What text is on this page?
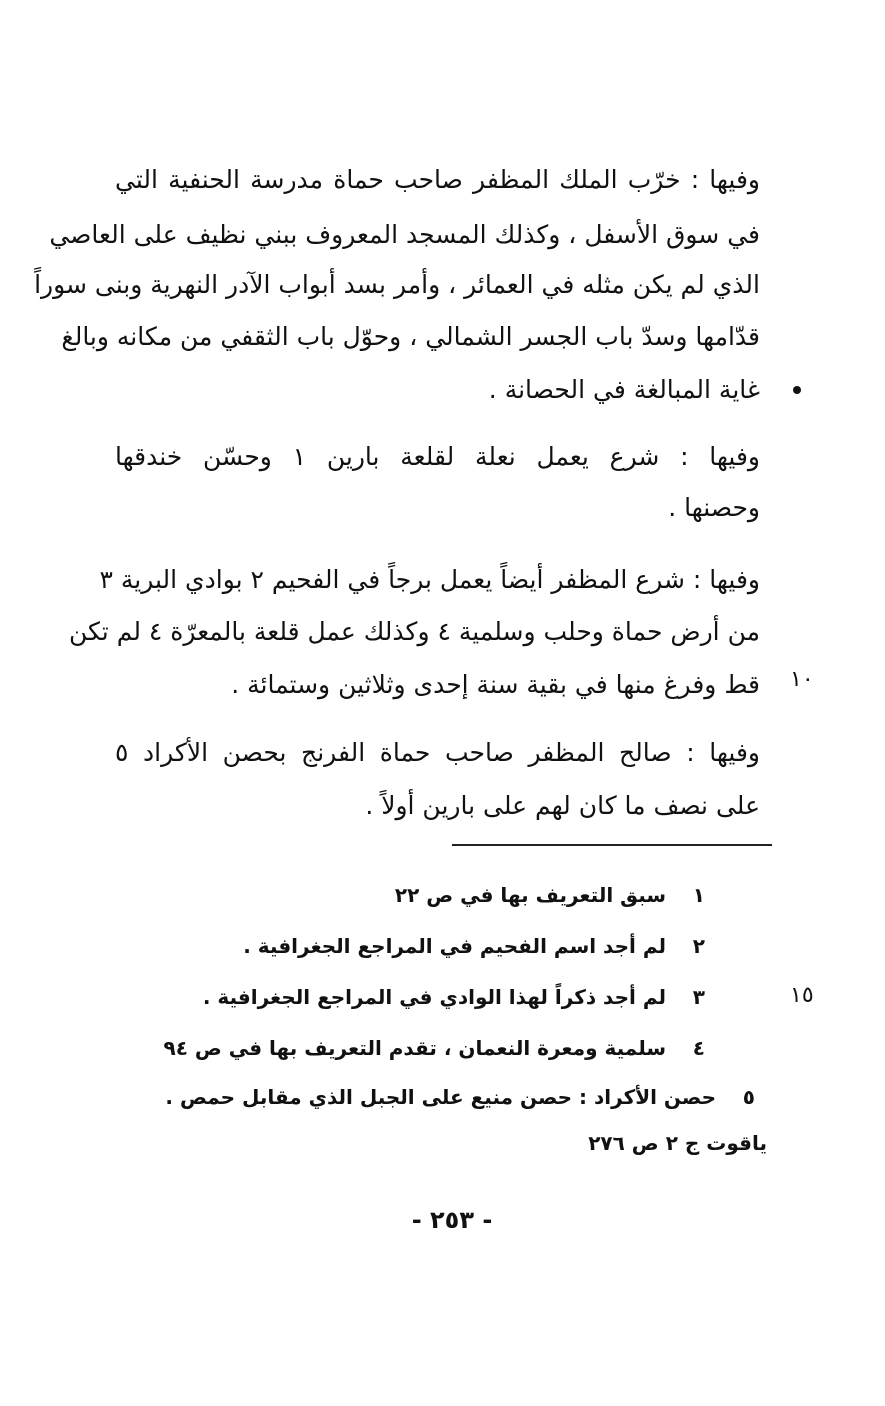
وفيها : خرّب الملك المظفر صاحب حماة مدرسة الحنفية التي
في سوق الأسفل ، وكذلك المسجد المعروف ببني نظيف على العاصي
الذي لم يكن مثله في العمائر ، وأمر بسد أبواب الآدر النهرية وبنى سوراً
قدّامها وسدّ باب الجسر الشمالي ، وحوّل باب الثقفي من مكانه وبالغ
غاية المبالغة في الحصانة .
وفيها : شرع يعمل نعلة لقلعة بارين ١ وحسّن خندقها
وحصنها .
وفيها : شرع المظفر أيضاً يعمل برجاً في الفحيم ٢ بوادي البرية ٣
من أرض حماة وحلب وسلمية ٤ وكذلك عمل قلعة بالمعرّة ٤ لم تكن
قط وفرغ منها في بقية سنة إحدى وثلاثين وستمائة . ١٠
وفيها : صالح المظفر صاحب حماة الفرنج بحصن الأكراد ٥
على نصف ما كان لهم على بارين أولاً .
١ سبق التعريف بها في ص ٢٢
٢ لم أجد اسم الفحيم في المراجع الجغرافية .
٣ لم أجد ذكراً لهذا الوادي في المراجع الجغرافية .	١٥
٤ سلمية ومعرة النعمان ، تقدم التعريف بها في ص ٩٤
٥ حصن الأكراد : حصن منيع على الجبل الذي مقابل حمص .
ياقوت ج ٢ ص ٢٧٦
- ٢٥٣ -
